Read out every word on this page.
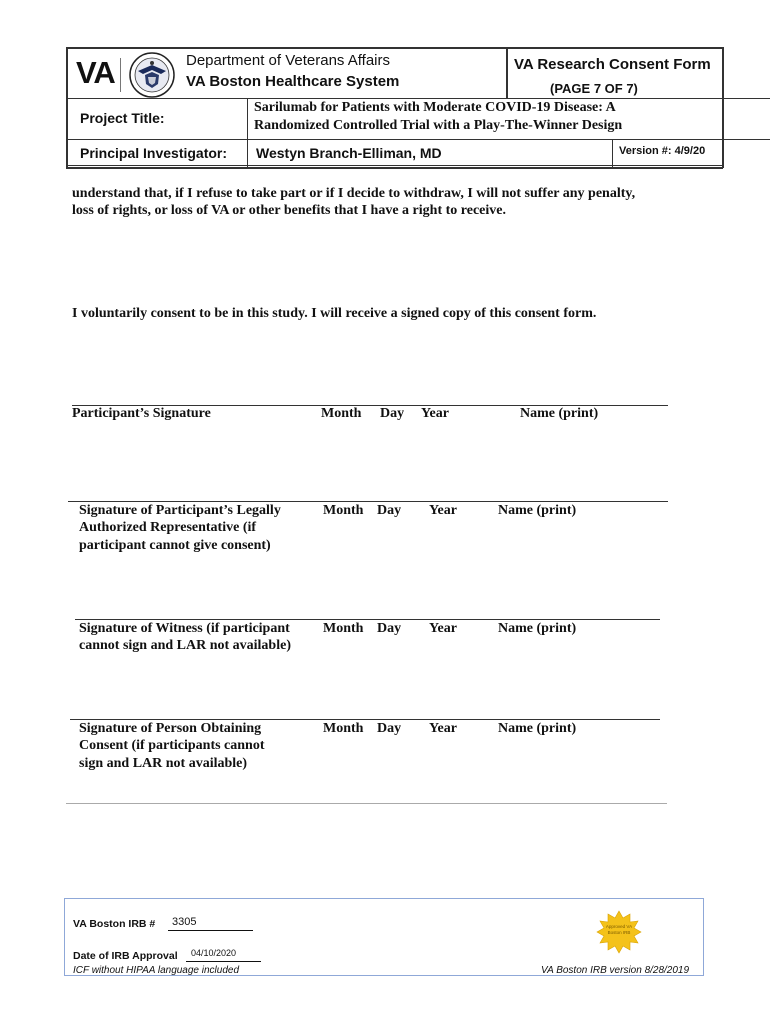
VA	Department of Veterans Affairs
VA Boston Healthcare System
VA Research Consent Form
(PAGE 7 OF 7)
Project Title:
Sarilumab for Patients with Moderate COVID-19 Disease: A Randomized Controlled Trial with a Play-The-Winner Design
Principal Investigator: Westyn Branch-Elliman, MD	Version #: 4/9/20
understand that, if I refuse to take part or if I decide to withdraw, I will not suffer any penalty,
loss of rights, or loss of VA or other benefits that I have a right to receive.
I voluntarily consent to be in this study. I will receive a signed copy of this consent form.
Participant’s Signature	Month Day Year	Name (print)
Signature of Participant’s Legally
Authorized Representative (if
participant cannot give consent)
Month Day Year	Name (print)
Signature of Witness (if participant
cannot sign and LAR not available)
Month Day Year	Name (print)
Signature of Person Obtaining
Consent (if participants cannot
sign and LAR not available)
Month Day Year	Name (print)
VA Boston IRB # 3305
Date of IRB Approval 04/10/2020
ICF without HIPAA language included	VA Boston IRB version 8/28/2019
Approved VA Boston IRB
